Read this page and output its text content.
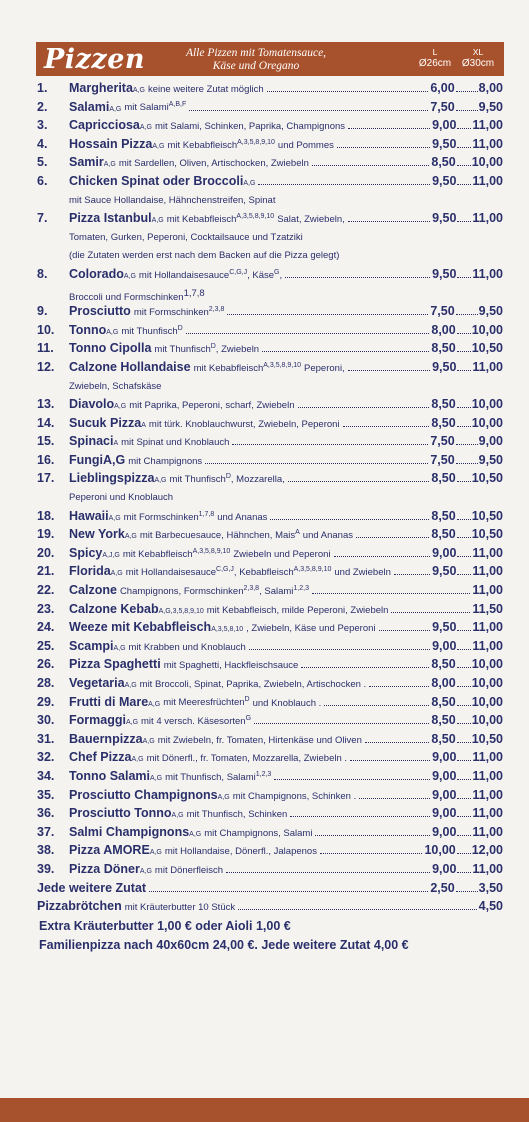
Pizzen	Alle Pizzen mit Tomatensauce,
Käse und Oregano
L
Ø26cm
XL
Ø30cm
1.	Margherita A,G keine weitere Zutat möglich	6,00 8,00
2.	Salami A,G mit Salami$^{A,B,F}$	7,50 9,50
3.	Capricciosa A,G mit Salami, Schinken, Paprika, Champignons	9,00 11,00
4.	Hossain Pizza A,G mit Kebabfleisch$^{A,3,5,8,9,10}$ und Pommes	9,50 11,00
5.	Samir A,G mit Sardellen, Oliven, Artischocken, Zwiebeln	8,50 10,00
6.	Chicken Spinat oder Broccoli A,G	9,50 11,00
mit Sauce Hollandaise, Hähnchenstreifen, Spinat
7.	Pizza Istanbul A,G mit Kebabfleisch$^{A,3,5,8,9,10}$ Salat, Zwiebeln,	9,50 11,00
Tomaten, Gurken, Peperoni, Cocktailsauce und Tzatziki
(die Zutaten werden erst nach dem Backen auf die Pizza gelegt)
8.	Colorado A,G mit Hollandaisesauce$^{C,G,J}$, Käse$^G$,	9,50 11,00
Broccoli und Formschinken1,7,8
9.	Prosciutto mit Formschinken$^{2,3,8}$	7,50 9,50
10.	Tonno A,G mit Thunfisch$^D$	8,00 10,00
11.	Tonno Cipolla mit Thunfisch$^D$, Zwiebeln	8,50 10,50
12.	Calzone Hollandaise mit Kebabfleisch$^{A,3,5,8,9,10}$ Peperoni,	9,50 11,00
Zwiebeln, Schafskäse
13.	Diavolo A,G mit Paprika, Peperoni, scharf, Zwiebeln	8,50 10,00
14.	Sucuk Pizza A mit türk. Knoblauchwurst, Zwiebeln, Peperoni	8,50 10,00
15.	Spinaci A mit Spinat und Knoblauch	7,50 9,00
16.	Fungi A,G mit Champignons	7,50 9,50
17.	Lieblingspizza A,G mit Thunfisch$^D$, Mozzarella,	8,50 10,50
Peperoni und Knoblauch
18.	Hawaii A,G mit Formschinken$^{1,7,8}$ und Ananas	8,50 10,50
19.	New York A,G mit Barbecuesauce, Hähnchen, Mais$^A$ und Ananas	8,50 10,50
20.	Spicy A,J,G mit Kebabfleisch$^{A,3,5,8,9,10}$ Zwiebeln und Peperoni	9,00 11,00
21.	Florida A,G mit Hollandaisesauce$^{C,G,J}$, Kebabfleisch$^{A,3,5,8,9,10}$ und Zwiebeln	9,50 11,00
22.	Calzone Champignons, Formschinken$^{2,3,8}$, Salami$^{1,2,3}$	11,00
23.	Calzone Kebab A,G,3,5,8,9,10 mit Kebabfleisch, milde Peperoni, Zwiebeln	11,50
24.	Weeze mit Kebabfleisch A,3,5,8,10 , Zwiebeln, Käse und Peperoni	9,50 11,00
25.	Scampi A,G mit Krabben und Knoblauch	9,00 11,00
26.	Pizza Spaghetti mit Spaghetti, Hackfleischsauce	8,50 10,00
28.	Vegetaria A,G mit Broccoli, Spinat, Paprika, Zwiebeln, Artischocken .	8,00 10,00
29.	Frutti di Mare A,G mit Meeresfrüchten$^D$ und Knoblauch .	8,50 10,00
30.	Formaggi A,G mit 4 versch. Käsesorten$^G$	8,50 10,00
31.	Bauernpizza A,G mit Zwiebeln, fr. Tomaten, Hirtenkäse und Oliven	8,50 10,50
32.	Chef Pizza A,G mit Dönerfl., fr. Tomaten, Mozzarella, Zwiebeln .	9,00 11,00
34.	Tonno Salami A,G mit Thunfisch, Salami$^{1,2,3}$	9,00 11,00
35.	Prosciutto Champignons A,G mit Champignons, Schinken .	9,00 11,00
36.	Prosciutto Tonno A,G mit Thunfisch, Schinken	9,00 11,00
37.	Salmi Champignons A,G mit Champignons, Salami	9,00 11,00
38.	Pizza AMORE A,G mit Hollandaise, Dönerfl., Jalapenos	10,00 12,00
39.	Pizza Döner A,G mit Dönerfleisch	9,00 11,00
Jede weitere Zutat	2,50 3,50
Pizzabrötchen mit Kräuterbutter 10 Stück	4,50
Extra Kräuterbutter 1,00 € oder Aioli 1,00 €
Familienpizza nach 40x60cm 24,00 €. Jede weitere Zutat 4,00 €
